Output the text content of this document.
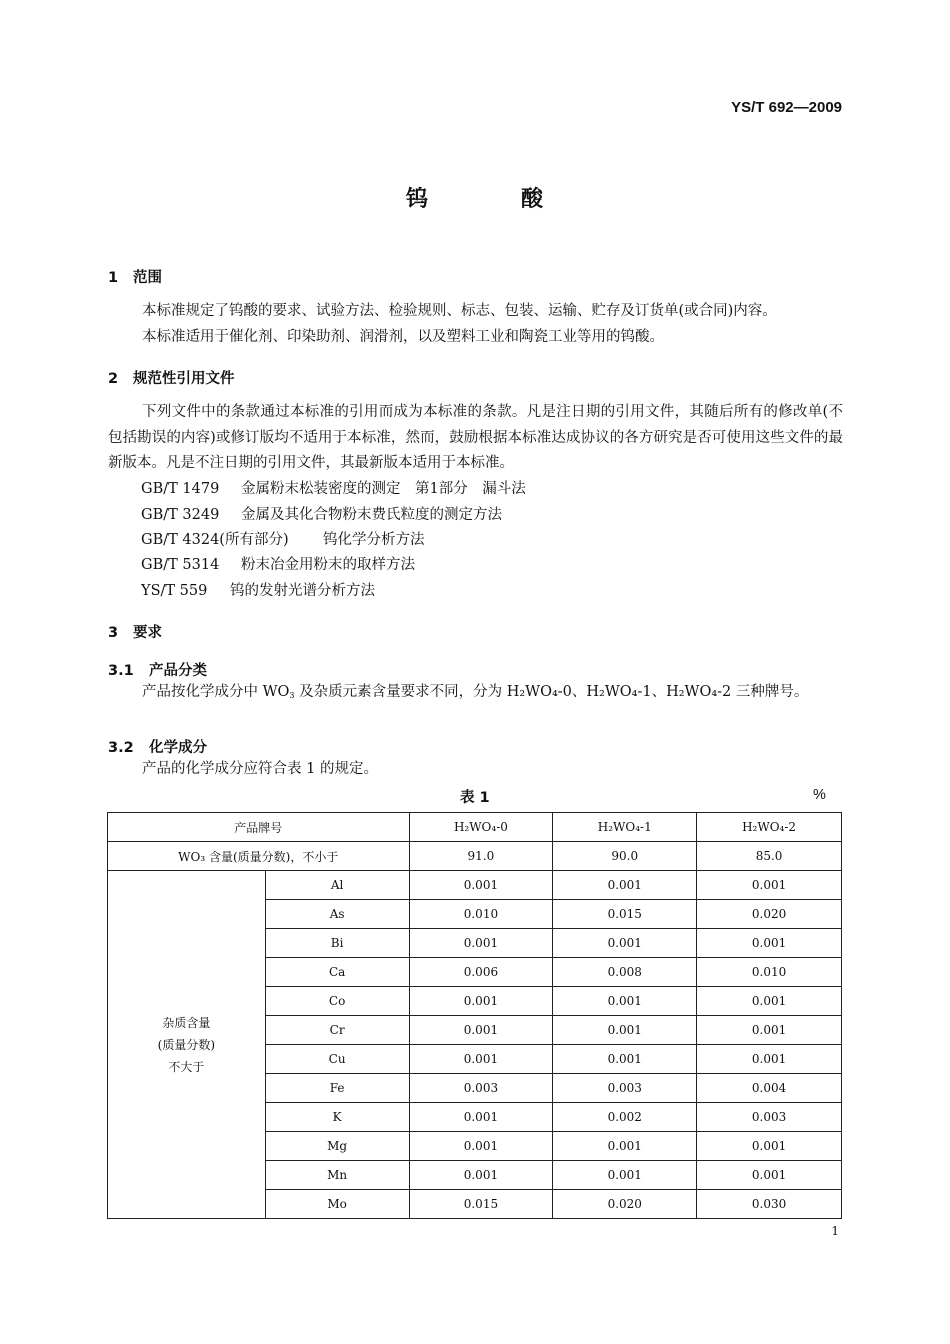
YS/T 692—2009
钨	酸
1 范围
本标准规定了钨酸的要求、试验方法、检验规则、标志、包装、运输、贮存及订货单(或合同)内容。
本标准适用于催化剂、印染助剂、润滑剂，以及塑料工业和陶瓷工业等用的钨酸。
2 规范性引用文件
下列文件中的条款通过本标准的引用而成为本标准的条款。凡是注日期的引用文件，其随后所有的修改单(不包括勘误的内容)或修订版均不适用于本标准，然而，鼓励根据本标准达成协议的各方研究是否可使用这些文件的最新版本。凡是不注日期的引用文件，其最新版本适用于本标准。
GB/T 1479 金属粉末松装密度的测定　第1部分　漏斗法
GB/T 3249 金属及其化合物粉末费氏粒度的测定方法
GB/T 4324(所有部分) 钨化学分析方法
GB/T 5314 粉末冶金用粉末的取样方法
YS/T 559 钨的发射光谱分析方法
3 要求
3.1 产品分类
产品按化学成分中 $WO_3$ 及杂质元素含量要求不同，分为 H₂WO₄-0、H₂WO₄-1、H₂WO₄-2 三种牌号。
3.2 化学成分
产品的化学成分应符合表 1 的规定。
表 1	%
产品牌号		H₂WO₄-0	H₂WO₄-1	H₂WO₄-2
WO₃ 含量(质量分数)，不小于		91.0	90.0	85.0

杂质含量
(质量分数)
不大于	Al	0.001	0.001	0.001
	As	0.010	0.015	0.020
	Bi	0.001	0.001	0.001
	Ca	0.006	0.008	0.010
	Co	0.001	0.001	0.001
	Cr	0.001	0.001	0.001
	Cu	0.001	0.001	0.001
	Fe	0.003	0.003	0.004
	K	0.001	0.002	0.003
	Mg	0.001	0.001	0.001
	Mn	0.001	0.001	0.001
	Mo	0.015	0.020	0.030
1
